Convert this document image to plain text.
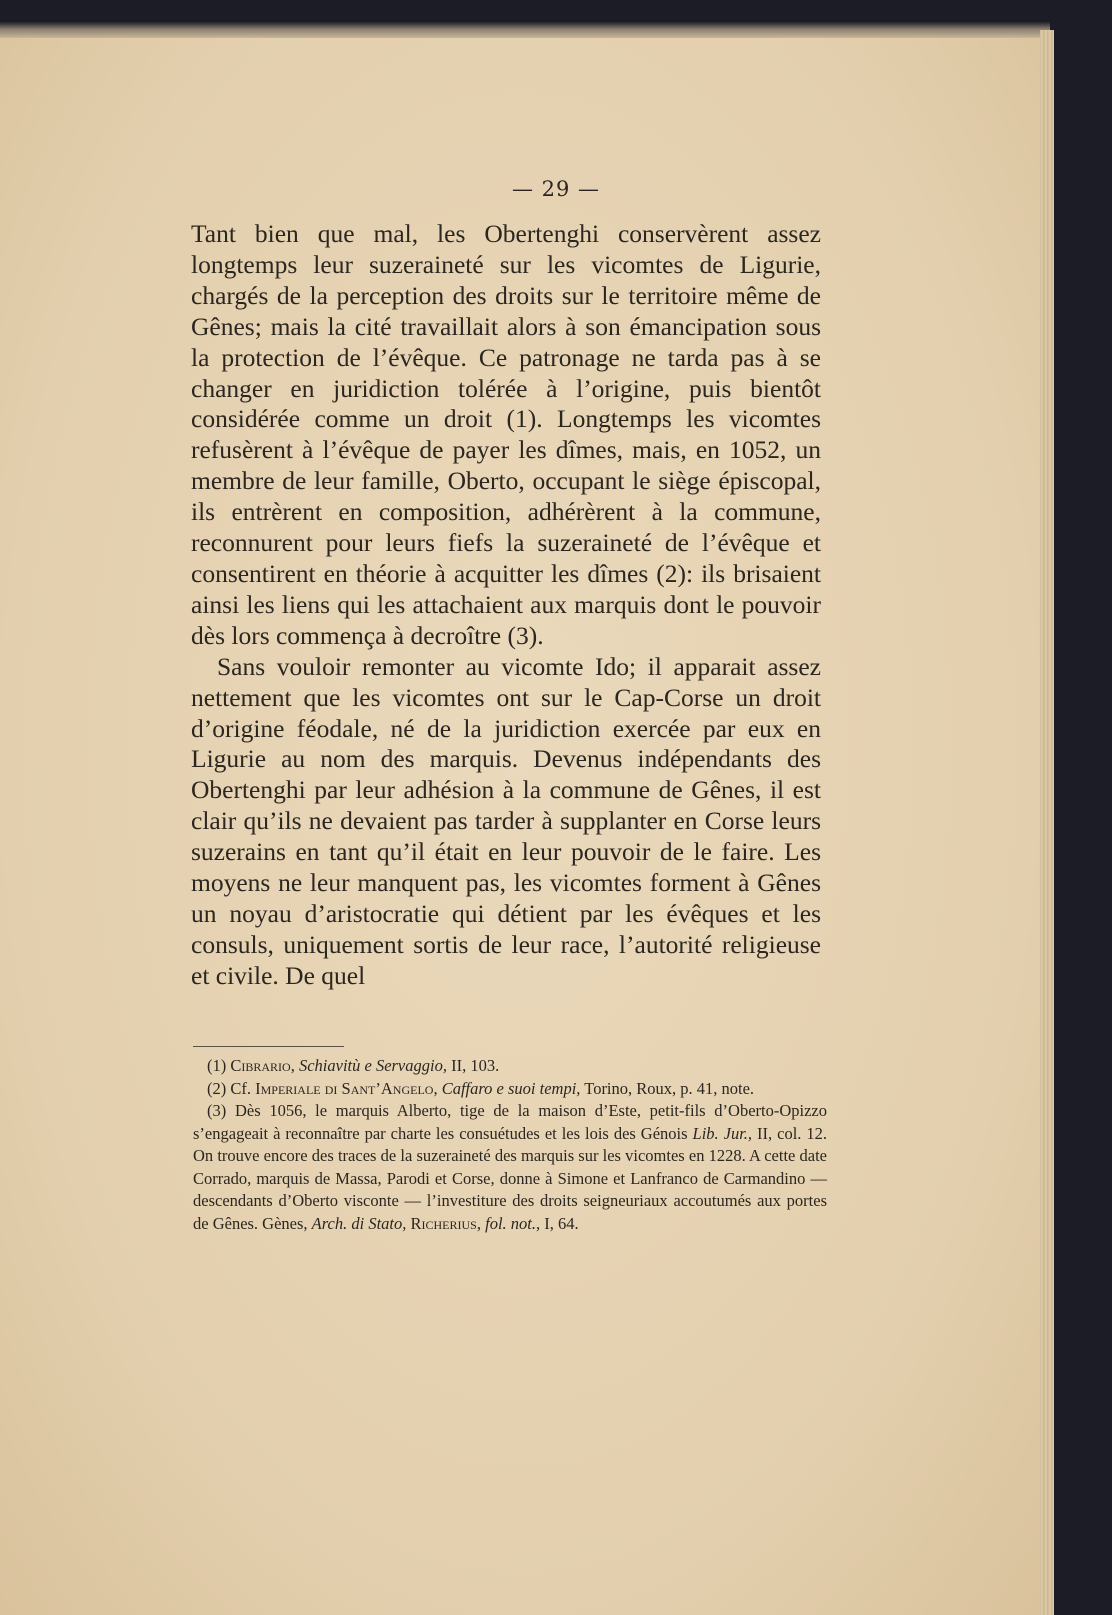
— 29 —

Tant bien que mal, les Obertenghi conservèrent assez longtemps leur suzeraineté sur les vicomtes de Ligurie, chargés de la perception des droits sur le territoire même de Gênes; mais la cité travaillait alors à son émancipation sous la protection de l’évêque. Ce patronage ne tarda pas à se changer en juridiction tolérée à l’origine, puis bientôt considérée comme un droit (1). Longtemps les vicomtes refusèrent à l’évêque de payer les dîmes, mais, en 1052, un membre de leur famille, Oberto, occupant le siège épiscopal, ils entrèrent en composition, adhérèrent à la commune, reconnurent pour leurs fiefs la suzeraineté de l’évêque et consentirent en théorie à acquitter les dîmes (2): ils brisaient ainsi les liens qui les attachaient aux marquis dont le pouvoir dès lors commença à decroître (3).

Sans vouloir remonter au vicomte Ido; il apparait assez nettement que les vicomtes ont sur le Cap-Corse un droit d’origine féodale, né de la juridiction exercée par eux en Ligurie au nom des marquis. Devenus indépendants des Obertenghi par leur adhésion à la commune de Gênes, il est clair qu’ils ne devaient pas tarder à supplanter en Corse leurs suzerains en tant qu’il était en leur pouvoir de le faire. Les moyens ne leur manquent pas, les vicomtes forment à Gênes un noyau d’aristocratie qui détient par les évêques et les consuls, uniquement sortis de leur race, l’autorité religieuse et civile. De quel

(1) Cibrario, Schiavitù e Servaggio, II, 103.

(2) Cf. Imperiale di Sant’Angelo, Caffaro e suoi tempi, Torino, Roux, p. 41, note.

(3) Dès 1056, le marquis Alberto, tige de la maison d’Este, petit-fils d’Oberto-Opizzo s’engageait à reconnaître par charte les consuétudes et les lois des Génois Lib. Jur., II, col. 12. On trouve encore des traces de la suzeraineté des marquis sur les vicomtes en 1228. A cette date Corrado, marquis de Massa, Parodi et Corse, donne à Simone et Lanfranco de Carmandino — descendants d’Oberto visconte — l’investiture des droits seigneuriaux accoutumés aux portes de Gênes. Gènes, Arch. di Stato, Richerius, fol. not., I, 64.
